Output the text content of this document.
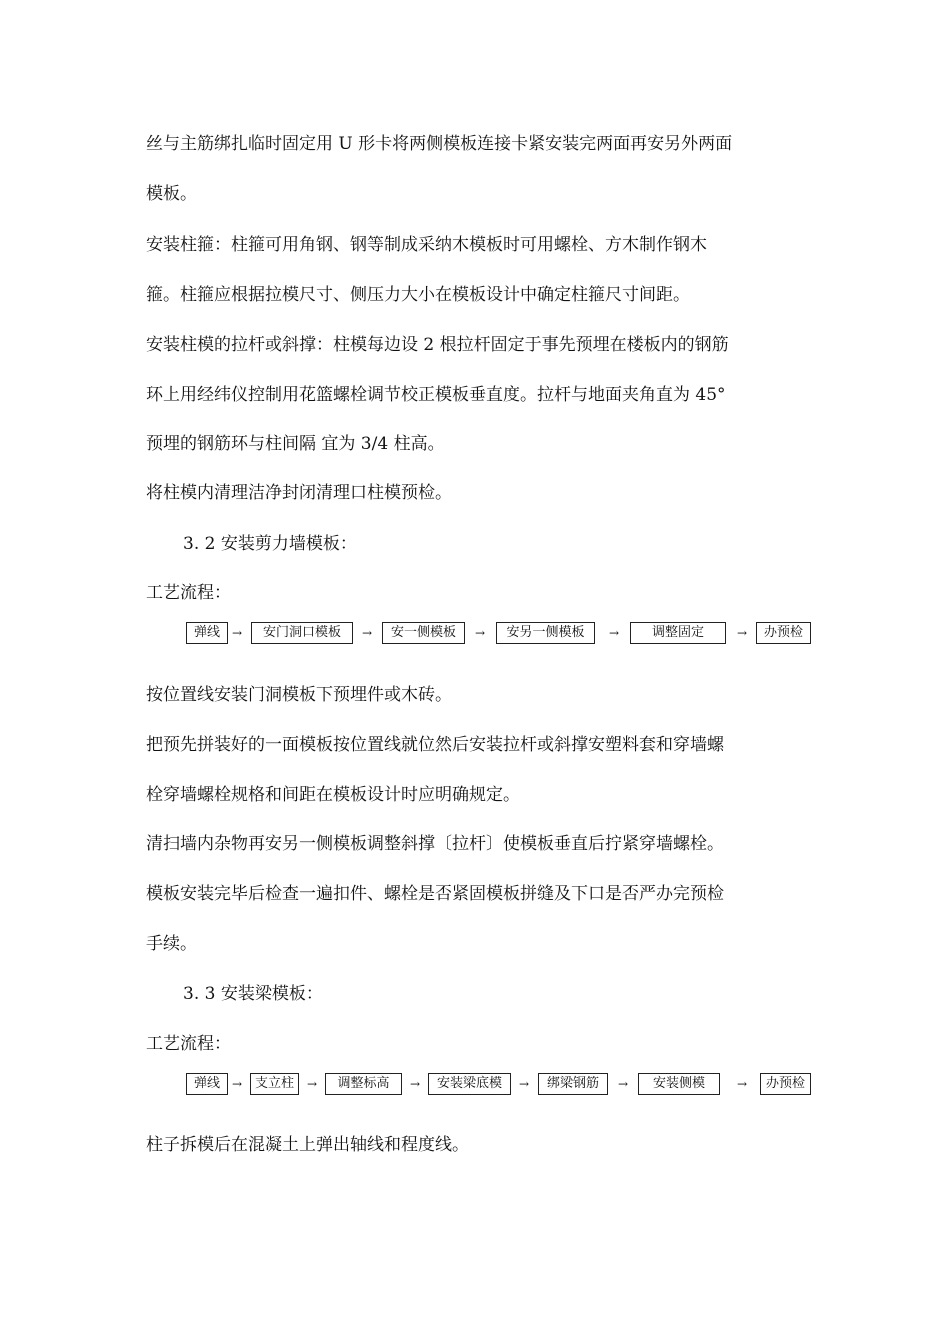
丝与主筋绑扎临时固定用 U 形卡将两侧模板连接卡紧安装完两面再安另外两面
模板。
安装柱箍：柱箍可用角钢、钢等制成采纳木模板时可用螺栓、方木制作钢木
箍。柱箍应根据拉模尺寸、侧压力大小在模板设计中确定柱箍尺寸间距。
安装柱模的拉杆或斜撑：柱模每边设 2 根拉杆固定于事先预埋在楼板内的钢筋
环上用经纬仪控制用花篮螺栓调节校正模板垂直度。拉杆与地面夹角直为 45°
预埋的钢筋环与柱间隔 宜为 3/4 柱高。
将柱模内清理洁净封闭清理口柱模预检。
3. 2 安装剪力墙模板：
工艺流程：
弹线 →	安门洞口模板	→	安一侧模板	→	安另一侧模板	→	调整固定	→	办预检
按位置线安装门洞模板下预埋件或木砖。
把预先拼装好的一面模板按位置线就位然后安装拉杆或斜撑安塑料套和穿墙螺
栓穿墙螺栓规格和间距在模板设计时应明确规定。
清扫墙内杂物再安另一侧模板调整斜撑〔拉杆〕使模板垂直后拧紧穿墙螺栓。
模板安装完毕后检查一遍扣件、螺栓是否紧固模板拼缝及下口是否严办完预检
手续。
3. 3 安装梁模板：
工艺流程：
弹线 → 支立柱	→	调整标高	→	安装梁底模	→	绑梁钢筋	→	安装侧模	→	办预检
柱子拆模后在混凝土上弹出轴线和程度线。
